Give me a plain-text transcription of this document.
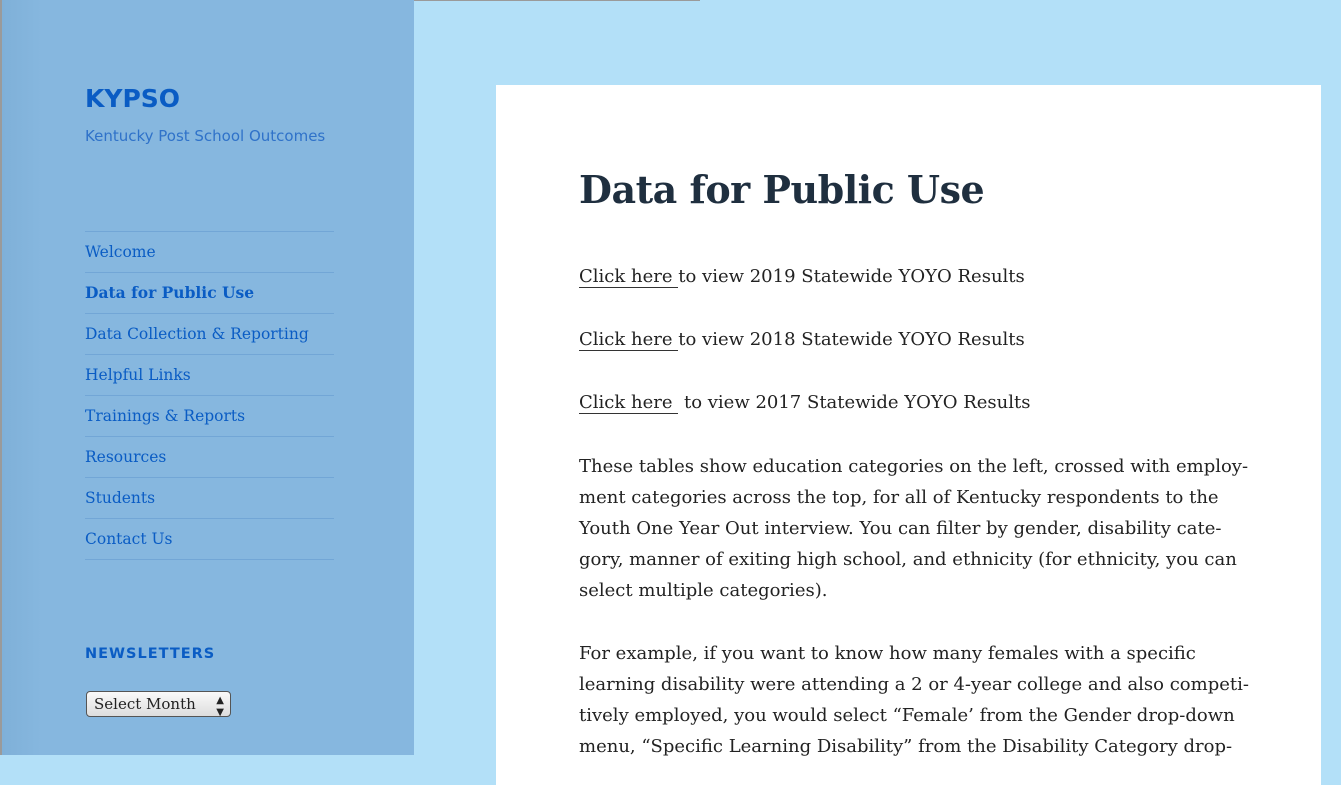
KYPSO
Kentucky Post School Outcomes
Welcome
Data for Public Use
Data Collection & Reporting
Helpful Links
Trainings & Reports
Resources
Students
Contact Us
NEWSLETTERS
Select Month ▲
▼
Data for Public Use
Click here to view 2019 Statewide YOYO Results
Click here to view 2018 Statewide YOYO Results
Click here  to view 2017 Statewide YOYO Results
These tables show education categories on the left, crossed with employ-
ment categories across the top, for all of Kentucky respondents to the
Youth One Year Out interview. You can filter by gender, disability cate-
gory, manner of exiting high school, and ethnicity (for ethnicity, you can
select multiple categories).
For example, if you want to know how many females with a specific
learning disability were attending a 2 or 4-year college and also competi-
tively employed, you would select “Female’ from the Gender drop-down
menu, “Specific Learning Disability” from the Disability Category drop-
